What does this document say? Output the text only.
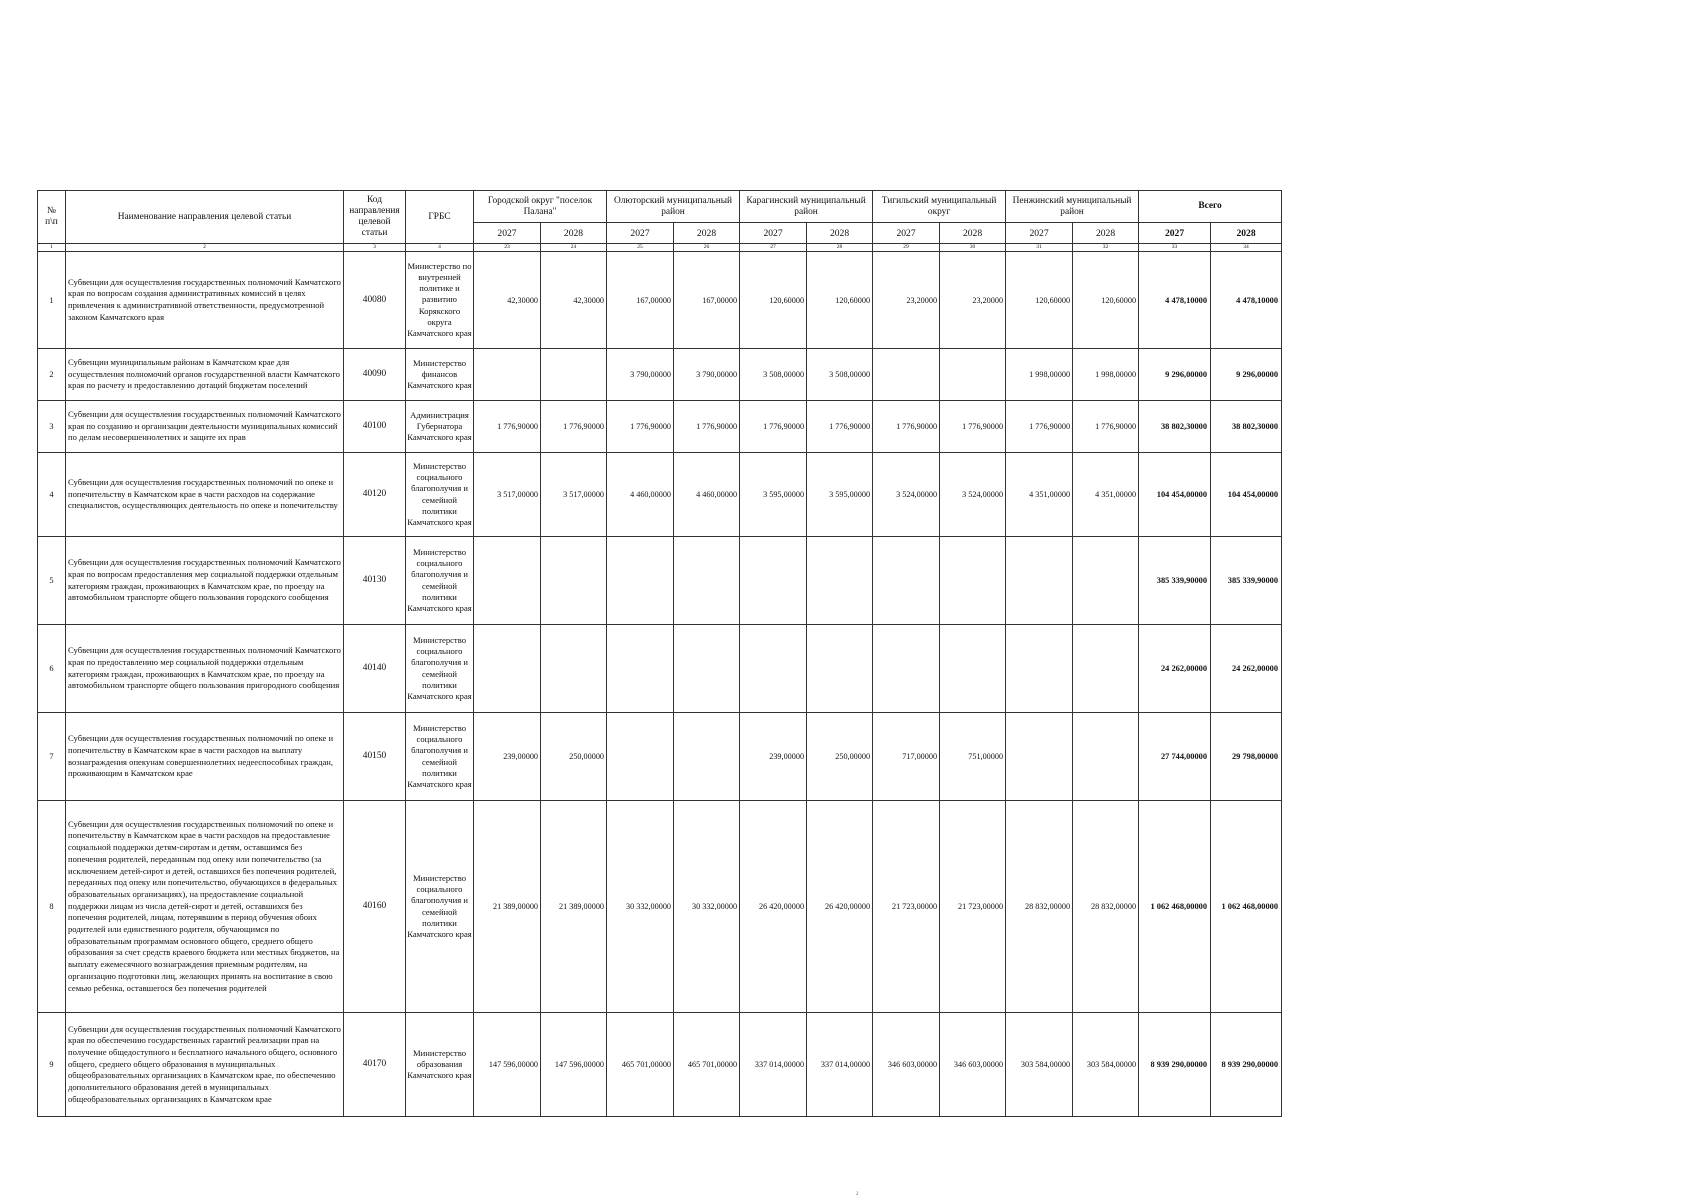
№ п\п	Наименование направления целевой статьи	Код направления целевой статьи	ГРБС	Городской округ "поселок Палана"		Олюторский муниципальный район		Карагинский муниципальный район		Тигильский муниципальный округ		Пенжинский муниципальный район		Всего	
				2027	2028	2027	2028	2027	2028	2027	2028	2027	2028	2027	2028
1	2	3	4	23	24	25	26	27	28	29	30	31	32	33	34
1	Субвенции для осуществления государственных полномочий Камчатского края по вопросам создания административных комиссий в целях привлечения к административной ответственности, предусмотренной законом Камчатского края	40080	Министерство по внутренней политике и развитию Корякского округа Камчатского края	42,30000	42,30000	167,00000	167,00000	120,60000	120,60000	23,20000	23,20000	120,60000	120,60000	4 478,10000	4 478,10000
2	Субвенции муниципальным районам в Камчатском крае для осуществления полномочий органов государственной власти Камчатского края по расчету и предоставлению дотаций бюджетам поселений	40090	Министерство финансов Камчатского края			3 790,00000	3 790,00000	3 508,00000	3 508,00000			1 998,00000	1 998,00000	9 296,00000	9 296,00000
3	Субвенции для осуществления государственных полномочий Камчатского края по созданию и организации деятельности муниципальных комиссий по делам несовершеннолетних и защите их прав	40100	Администрация Губернатора Камчатского края	1 776,90000	1 776,90000	1 776,90000	1 776,90000	1 776,90000	1 776,90000	1 776,90000	1 776,90000	1 776,90000	1 776,90000	38 802,30000	38 802,30000
4	Субвенции для осуществления государственных полномочий по опеке и попечительству в Камчатском крае в части расходов на содержание специалистов, осуществляющих деятельность по опеке и попечительству	40120	Министерство социального благополучия и семейной политики Камчатского края	3 517,00000	3 517,00000	4 460,00000	4 460,00000	3 595,00000	3 595,00000	3 524,00000	3 524,00000	4 351,00000	4 351,00000	104 454,00000	104 454,00000
5	Субвенции для осуществления государственных полномочий Камчатского края по вопросам предоставления мер социальной поддержки отдельным категориям граждан, проживающих в Камчатском крае, по проезду на автомобильном транспорте общего пользования городского сообщения	40130	Министерство социального благополучия и семейной политики Камчатского края											385 339,90000	385 339,90000
6	Субвенции для осуществления государственных полномочий Камчатского края по предоставлению мер социальной поддержки отдельным категориям граждан, проживающих в Камчатском крае, по проезду на автомобильном транспорте общего пользования пригородного сообщения	40140	Министерство социального благополучия и семейной политики Камчатского края											24 262,00000	24 262,00000
7	Субвенции для осуществления государственных полномочий по опеке и попечительству в Камчатском крае в части расходов на выплату вознаграждения опекунам совершеннолетних недееспособных граждан, проживающим в Камчатском крае	40150	Министерство социального благополучия и семейной политики Камчатского края	239,00000	250,00000			239,00000	250,00000	717,00000	751,00000			27 744,00000	29 798,00000
8	Субвенции для осуществления государственных полномочий по опеке и попечительству в Камчатском крае в части расходов на предоставление социальной поддержки детям-сиротам и детям, оставшимся без попечения родителей, переданным под опеку или попечительство (за исключением детей-сирот и детей, оставшихся без попечения родителей, переданных под опеку или попечительство, обучающихся в федеральных образовательных организациях), на предоставление социальной поддержки лицам из числа детей-сирот и детей, оставшихся без попечения родителей, лицам, потерявшим в период обучения обоих родителей или единственного родителя, обучающимся по образовательным программам основного общего, среднего общего образования за счет средств краевого бюджета или местных бюджетов, на выплату ежемесячного вознаграждения приемным родителям, на организацию подготовки лиц, желающих принять на воспитание в свою семью ребенка, оставшегося без попечения родителей	40160	Министерство социального благополучия и семейной политики Камчатского края	21 389,00000	21 389,00000	30 332,00000	30 332,00000	26 420,00000	26 420,00000	21 723,00000	21 723,00000	28 832,00000	28 832,00000	1 062 468,00000	1 062 468,00000
9	Субвенции для осуществления государственных полномочий Камчатского края по обеспечению государственных гарантий реализации прав на получение общедоступного и бесплатного начального общего, основного общего, среднего общего образования в муниципальных общеобразовательных организациях в Камчатском крае, по обеспечению дополнительного образования детей в муниципальных общеобразовательных организациях в Камчатском крае	40170	Министерство образования Камчатского края	147 596,00000	147 596,00000	465 701,00000	465 701,00000	337 014,00000	337 014,00000	346 603,00000	346 603,00000	303 584,00000	303 584,00000	8 939 290,00000	8 939 290,00000
2
